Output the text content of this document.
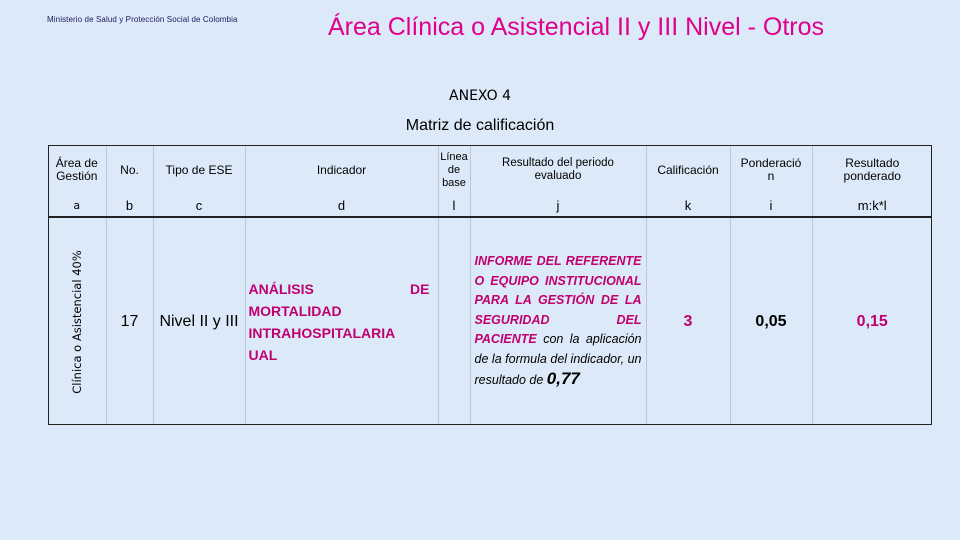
Ministerio de Salud y Protección Social de Colombia	Área Clínica o Asistencial II y III Nivel - Otros
ANEXO 4
Matriz de calificación
Área de Gestión	No.	Tipo de ESE	Indicador	Línea de base	Resultado del periodo evaluado	Calificación	Ponderació n	Resultado ponderado
a	b	c	d	l	j	k	i	m:k*l

Clínica o Asistencial 40%	17	Nivel II y III	ANÁLISIS DE
MORTALIDAD
INTRAHOSPITALARIA
UAL		INFORME DEL REFERENTE O EQUIPO INSTITUCIONAL PARA LA GESTIÓN DE LA SEGURIDAD DEL PACIENTE con la aplicación de la formula del indicador, un resultado de 0,77	3	0,05	0,15
